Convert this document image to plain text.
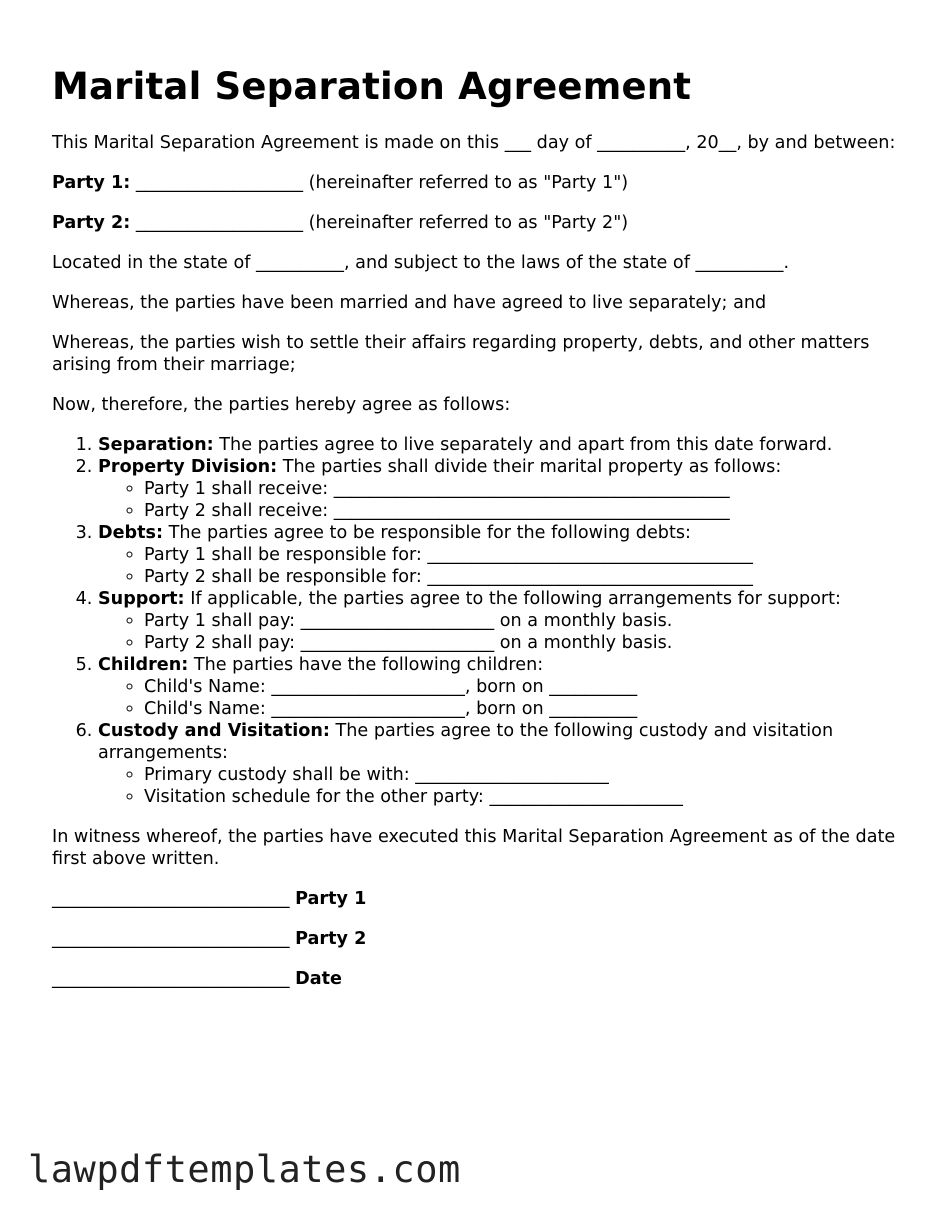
Marital Separation Agreement

This Marital Separation Agreement is made on this ___ day of __________, 20__, by and between:

Party 1: ___________________ (hereinafter referred to as "Party 1")

Party 2: ___________________ (hereinafter referred to as "Party 2")

Located in the state of __________, and subject to the laws of the state of __________.

Whereas, the parties have been married and have agreed to live separately; and

Whereas, the parties wish to settle their affairs regarding property, debts, and other matters arising from their marriage;

Now, therefore, the parties hereby agree as follows:

1. Separation: The parties agree to live separately and apart from this date forward.
2. Property Division: The parties shall divide their marital property as follows:
◦ Party 1 shall receive: _____________________________________________
◦ Party 2 shall receive: _____________________________________________
3. Debts: The parties agree to be responsible for the following debts:
◦ Party 1 shall be responsible for: _____________________________________
◦ Party 2 shall be responsible for: _____________________________________
4. Support: If applicable, the parties agree to the following arrangements for support:
◦ Party 1 shall pay: ______________________ on a monthly basis.
◦ Party 2 shall pay: ______________________ on a monthly basis.
5. Children: The parties have the following children:
◦ Child's Name: ______________________, born on __________
◦ Child's Name: ______________________, born on __________
6. Custody and Visitation: The parties agree to the following custody and visitation arrangements:
◦ Primary custody shall be with: ______________________
◦ Visitation schedule for the other party: ______________________

In witness whereof, the parties have executed this Marital Separation Agreement as of the date first above written.

___________________________ Party 1

___________________________ Party 2

___________________________ Date

lawpdftemplates.com
